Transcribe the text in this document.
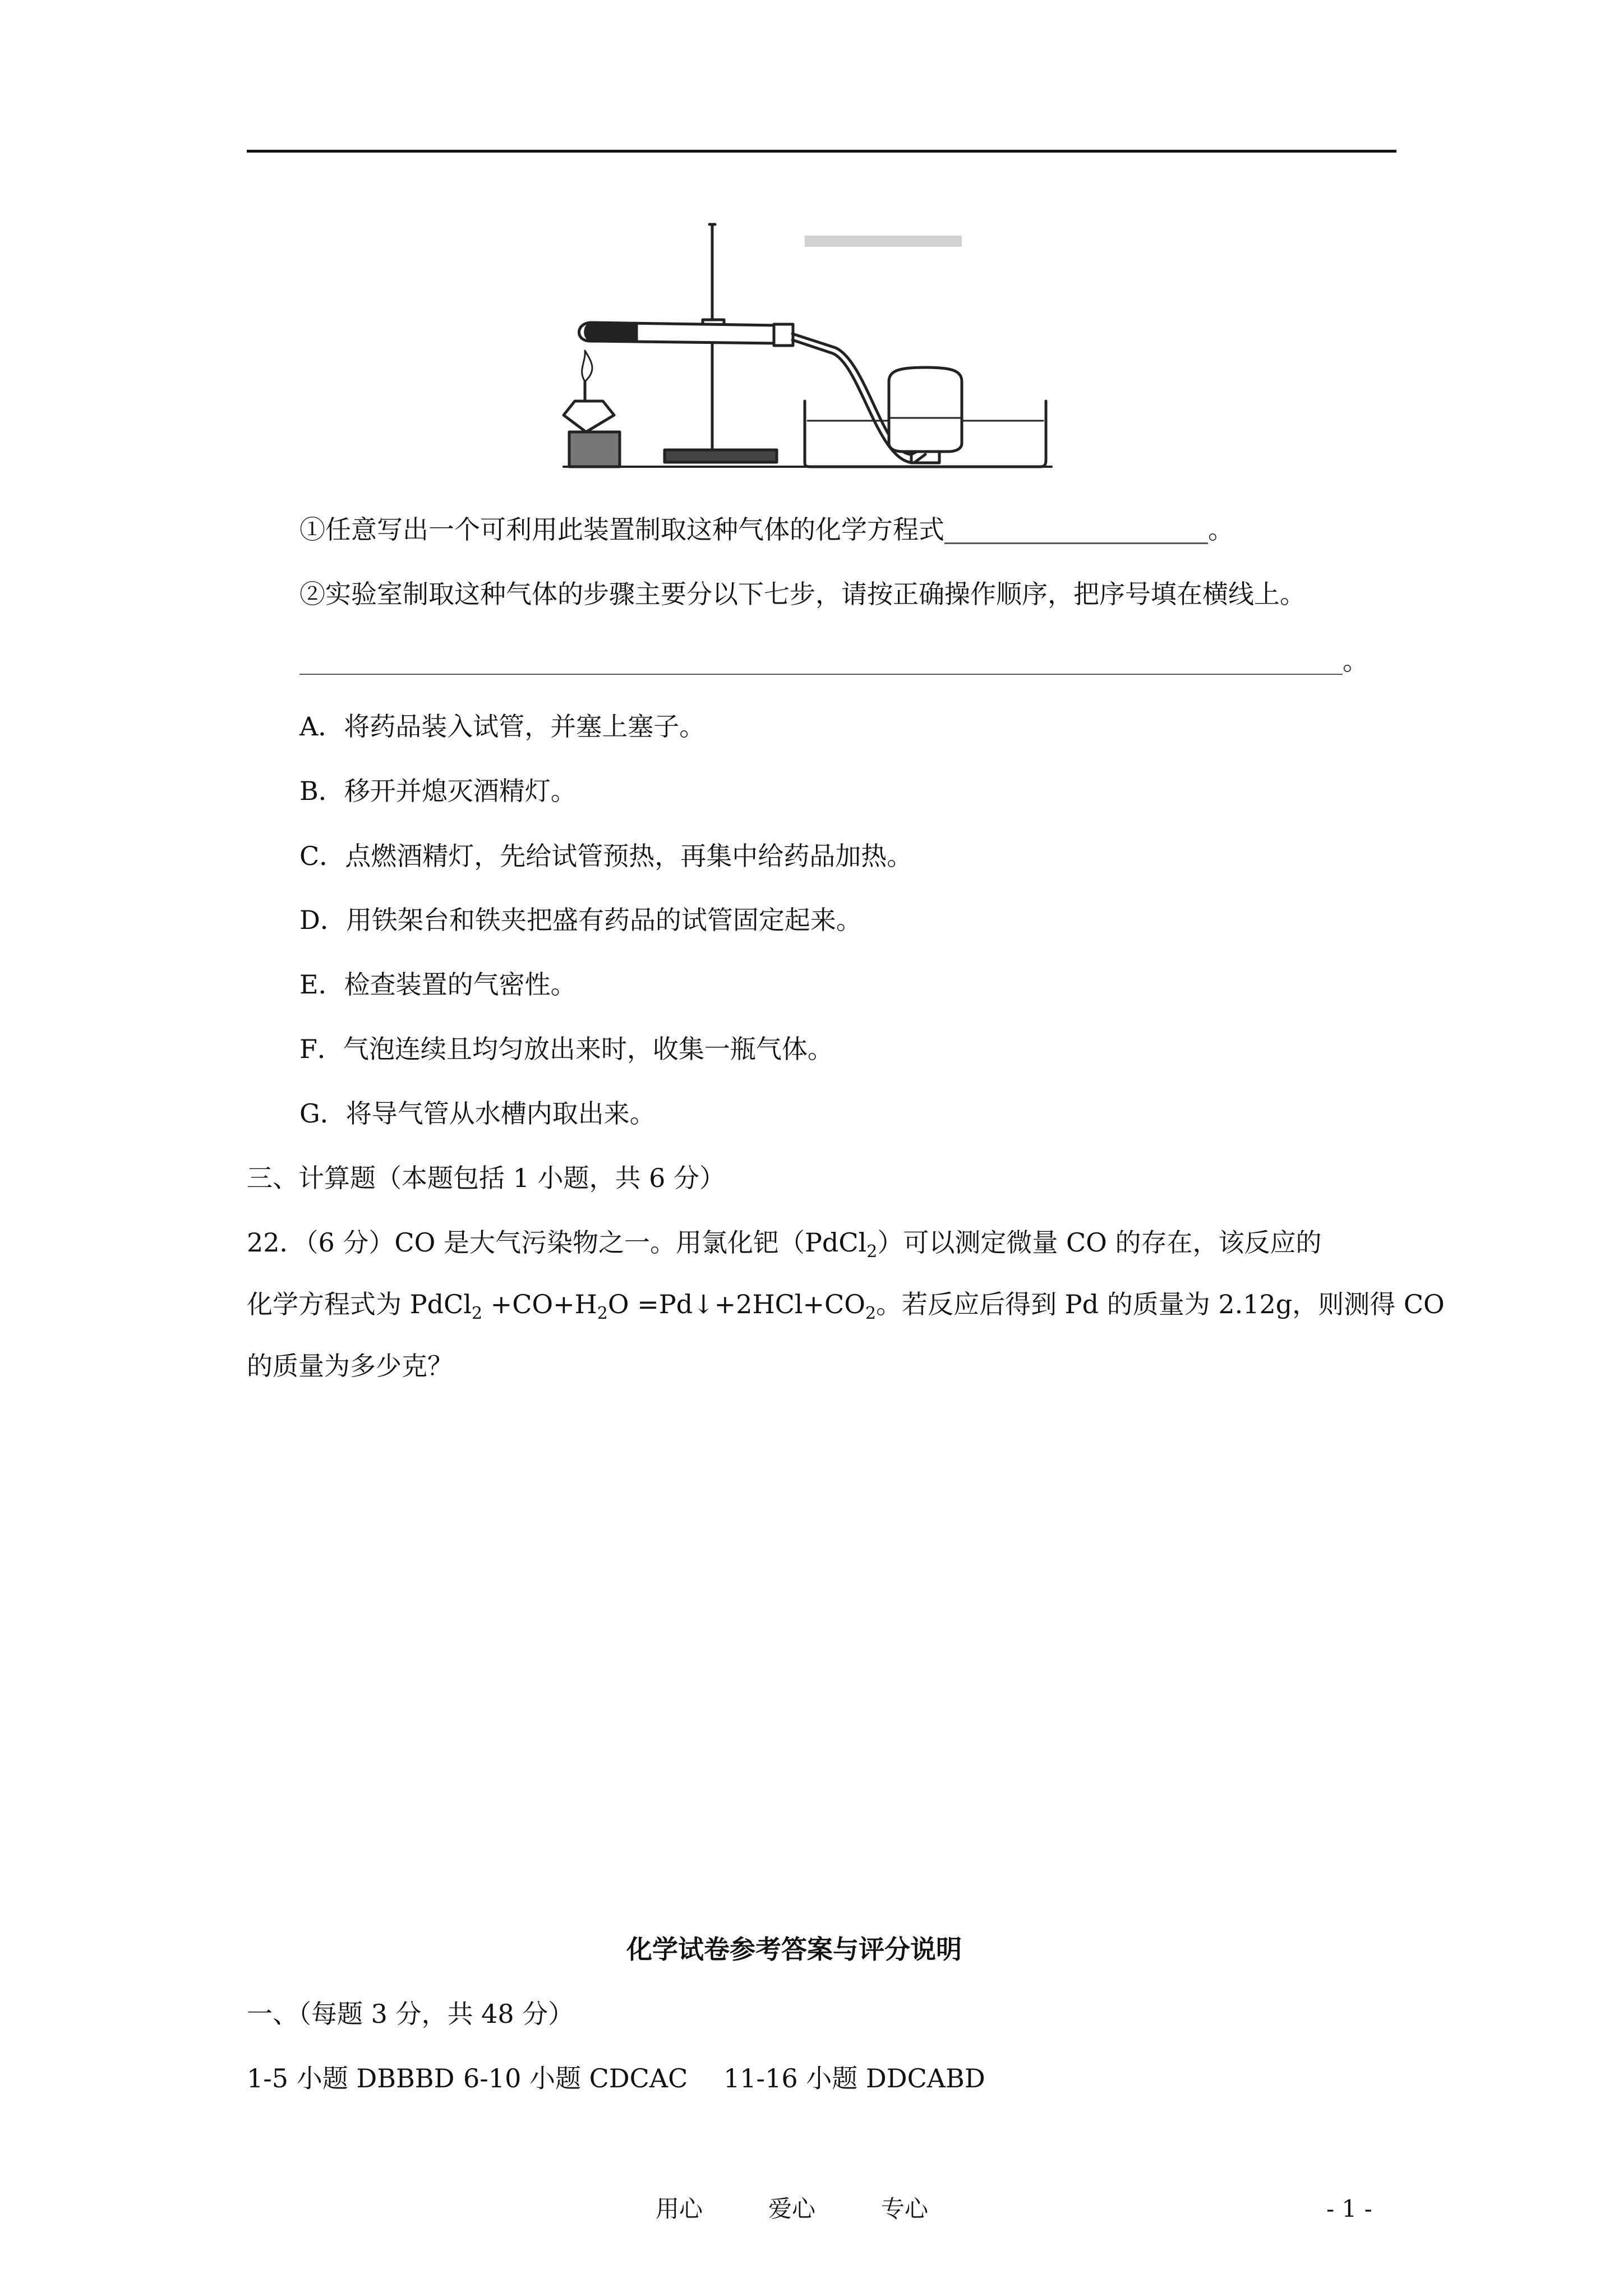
①任意写出一个可利用此装置制取这种气体的化学方程式	。
②实验室制取这种气体的步骤主要分以下七步，请按正确操作顺序，把序号填在横线上。
。
A．将药品装入试管，并塞上塞子。
B．移开并熄灭酒精灯。
C．点燃酒精灯，先给试管预热，再集中给药品加热。
D．用铁架台和铁夹把盛有药品的试管固定起来。
E．检查装置的气密性。
F．气泡连续且均匀放出来时，收集一瓶气体。
G．将导气管从水槽内取出来。
三、计算题（本题包括 1 小题，共 6 分）
22．（6 分）CO 是大气污染物之一。用氯化钯（PdCl$_2$）可以测定微量 CO 的存在，该反应的
化学方程式为 PdCl$_2$ $+CO+H_2O$ $=Pd↓+2HCl+CO_2$。若反应后得到 Pd 的质量为 2.12g，则测得 CO
的质量为多少克？
化学试卷参考答案与评分说明
一、（每题 3 分，共 48 分）
1-5 小题 DBBBD 6-10 小题 CDCAC 11-16 小题 DDCABD
用心	爱心	专心	- 1 -
